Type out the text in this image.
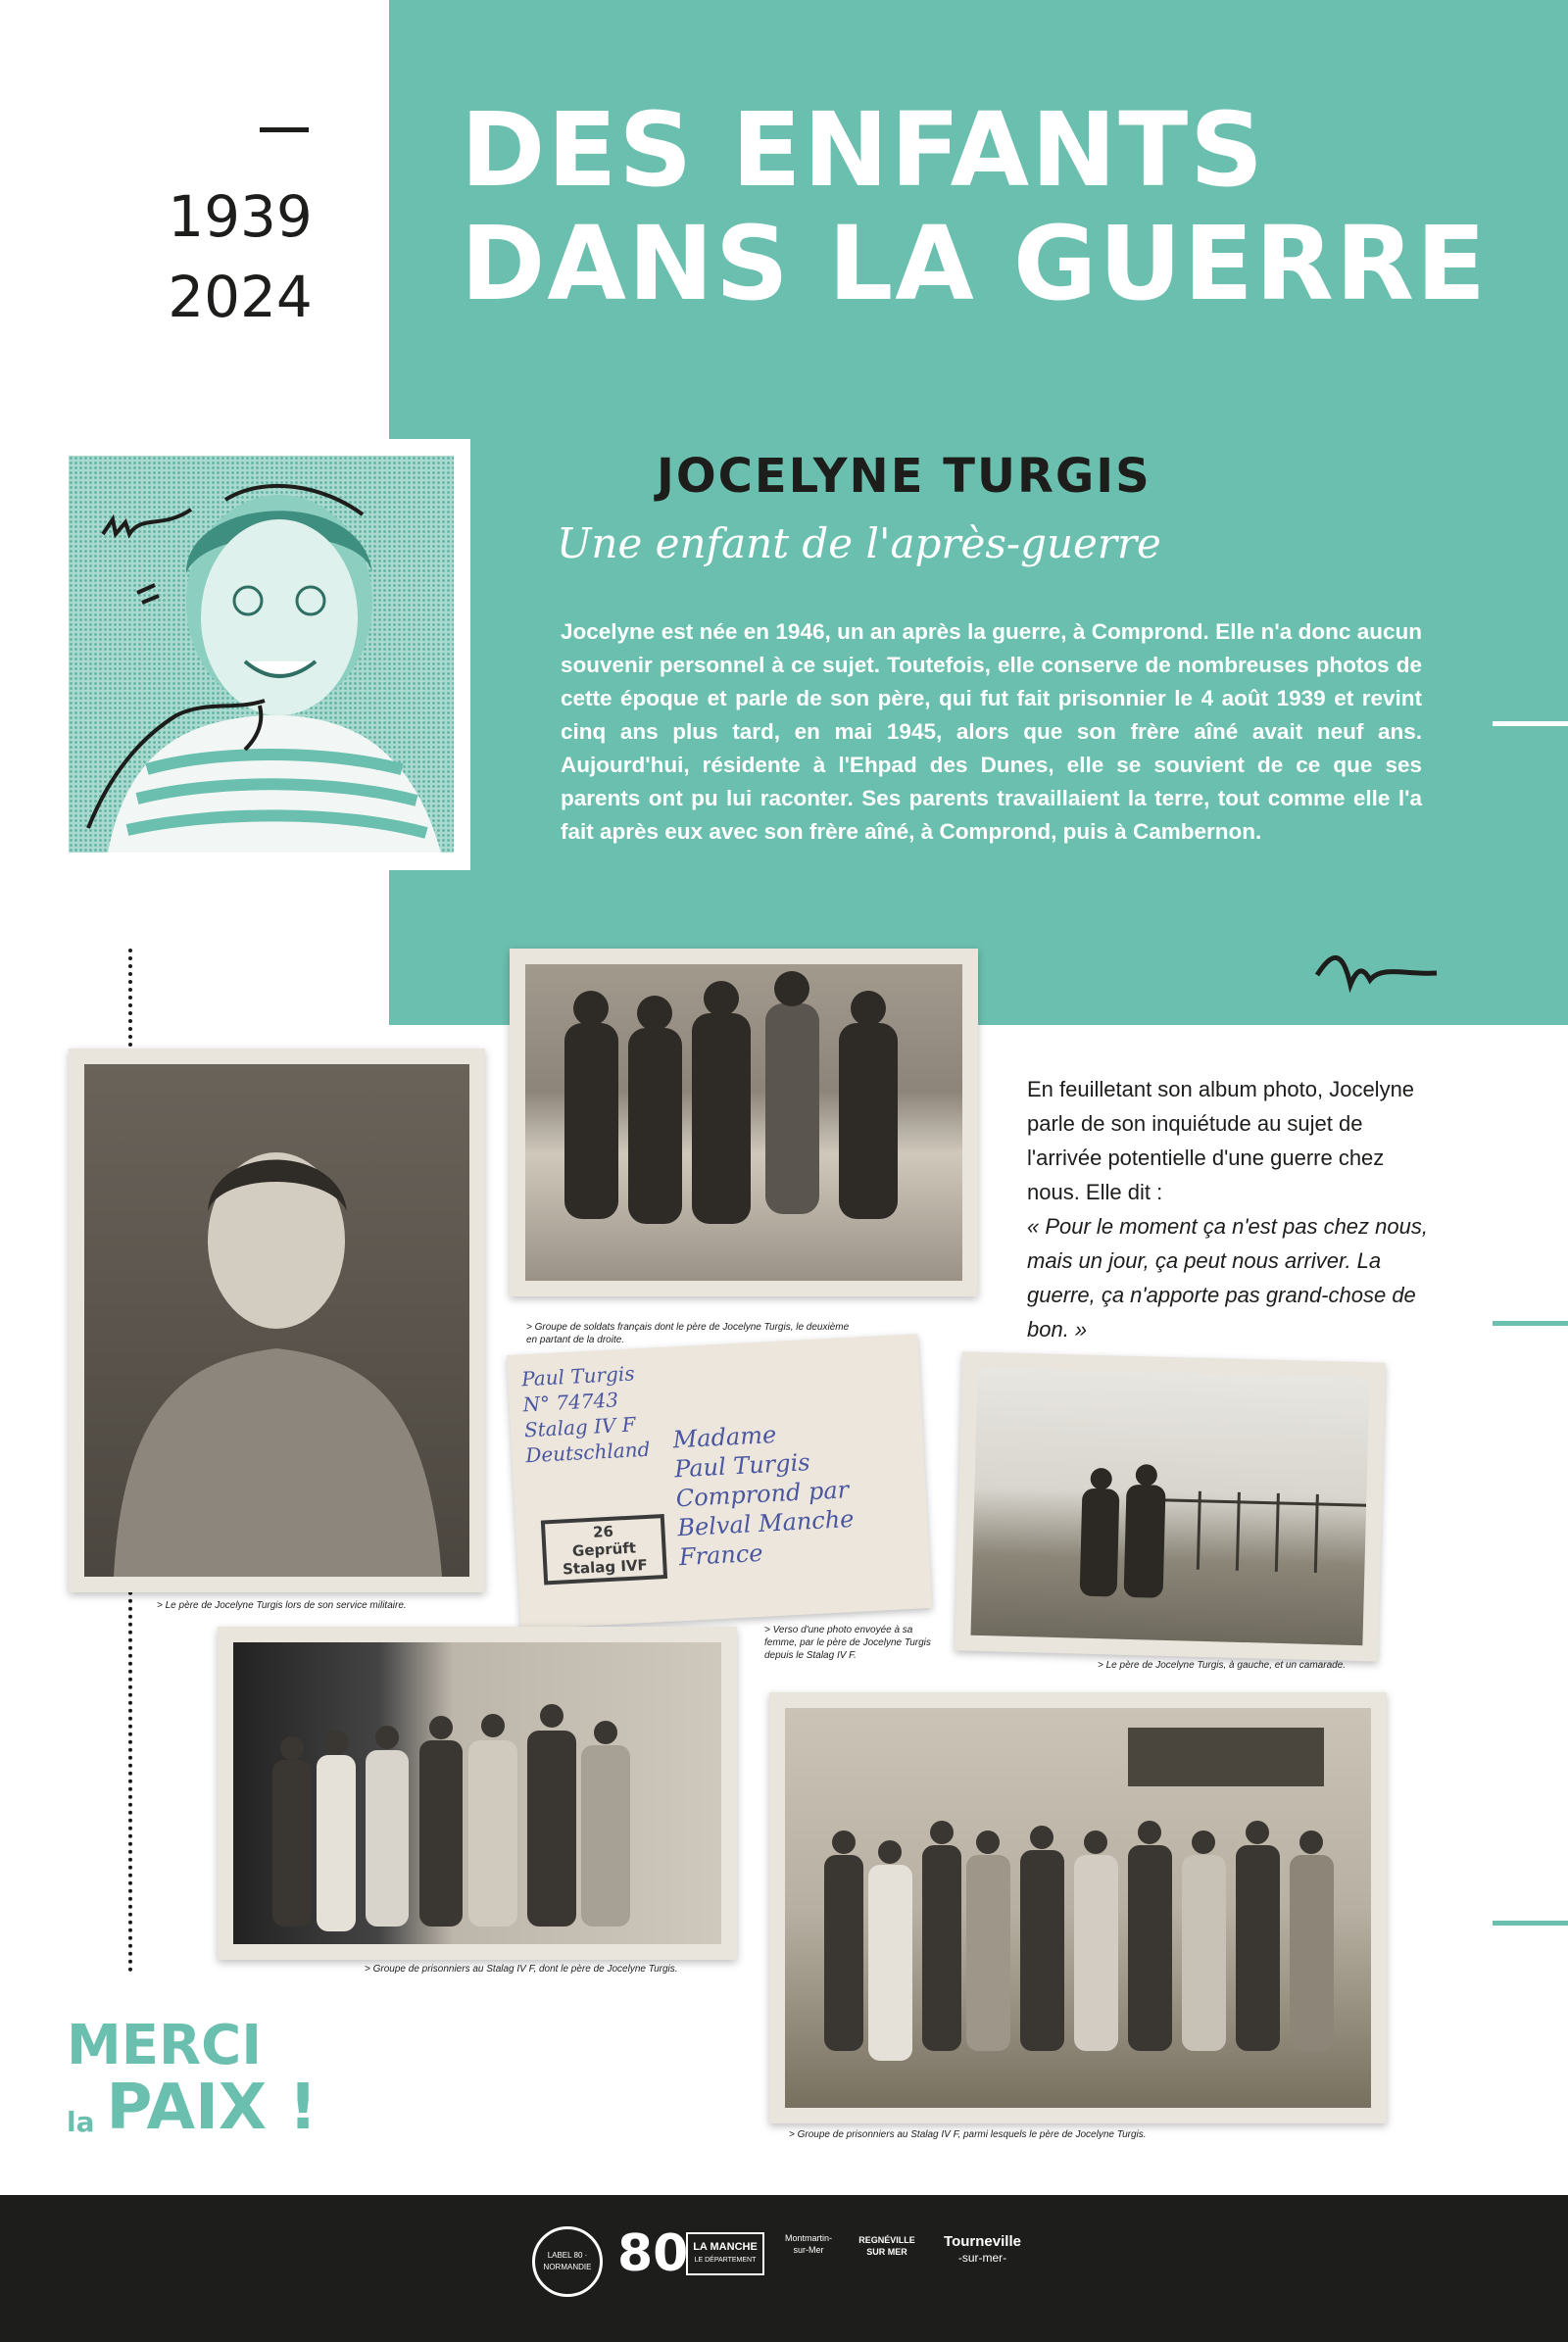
DES ENFANTS
DANS LA GUERRE
1939
2024
JOCELYNE TURGIS
Une enfant de l'après-guerre

Jocelyne est née en 1946, un an après la guerre, à Comprond. Elle n'a donc aucun souvenir personnel à ce sujet. Toutefois, elle conserve de nombreuses photos de cette époque et parle de son père, qui fut fait prisonnier le 4 août 1939 et revint cinq ans plus tard, en mai 1945, alors que son frère aîné avait neuf ans. Aujourd'hui, résidente à l'Ehpad des Dunes, elle se souvient de ce que ses parents ont pu lui raconter. Ses parents travaillaient la terre, tout comme elle l'a fait après eux avec son frère aîné, à Comprond, puis à Cambernon.

En feuilletant son album photo, Jocelyne parle de son inquiétude au sujet de l'arrivée potentielle d'une guerre chez nous. Elle dit :
« Pour le moment ça n'est pas chez nous, mais un jour, ça peut nous arriver. La guerre, ça n'apporte pas grand-chose de bon. »

> Groupe de soldats français dont le père de Jocelyne Turgis, le deuxième en partant de la droite.
> Le père de Jocelyne Turgis lors de son service militaire.
Paul Turgis
N° 74743
Stalag IV F
Deutschland Madame
Paul Turgis
Comprond par
Belval Manche
France
26
Geprüft
Stalag IVF
> Verso d'une photo envoyée à sa femme, par le père de Jocelyne Turgis depuis le Stalag IV F.
> Le père de Jocelyne Turgis, à gauche, et un camarade.
> Groupe de prisonniers au Stalag IV F, dont le père de Jocelyne Turgis.
> Groupe de prisonniers au Stalag IV F, parmi lesquels le père de Jocelyne Turgis.
MERCI
la PAIX !
LABEL 80 · NORMANDIE 80 LA MANCHE
LE DÉPARTEMENT
Montmartin-sur-Mer
REGNÉVILLE SUR MER
Tourneville
-sur-mer-
